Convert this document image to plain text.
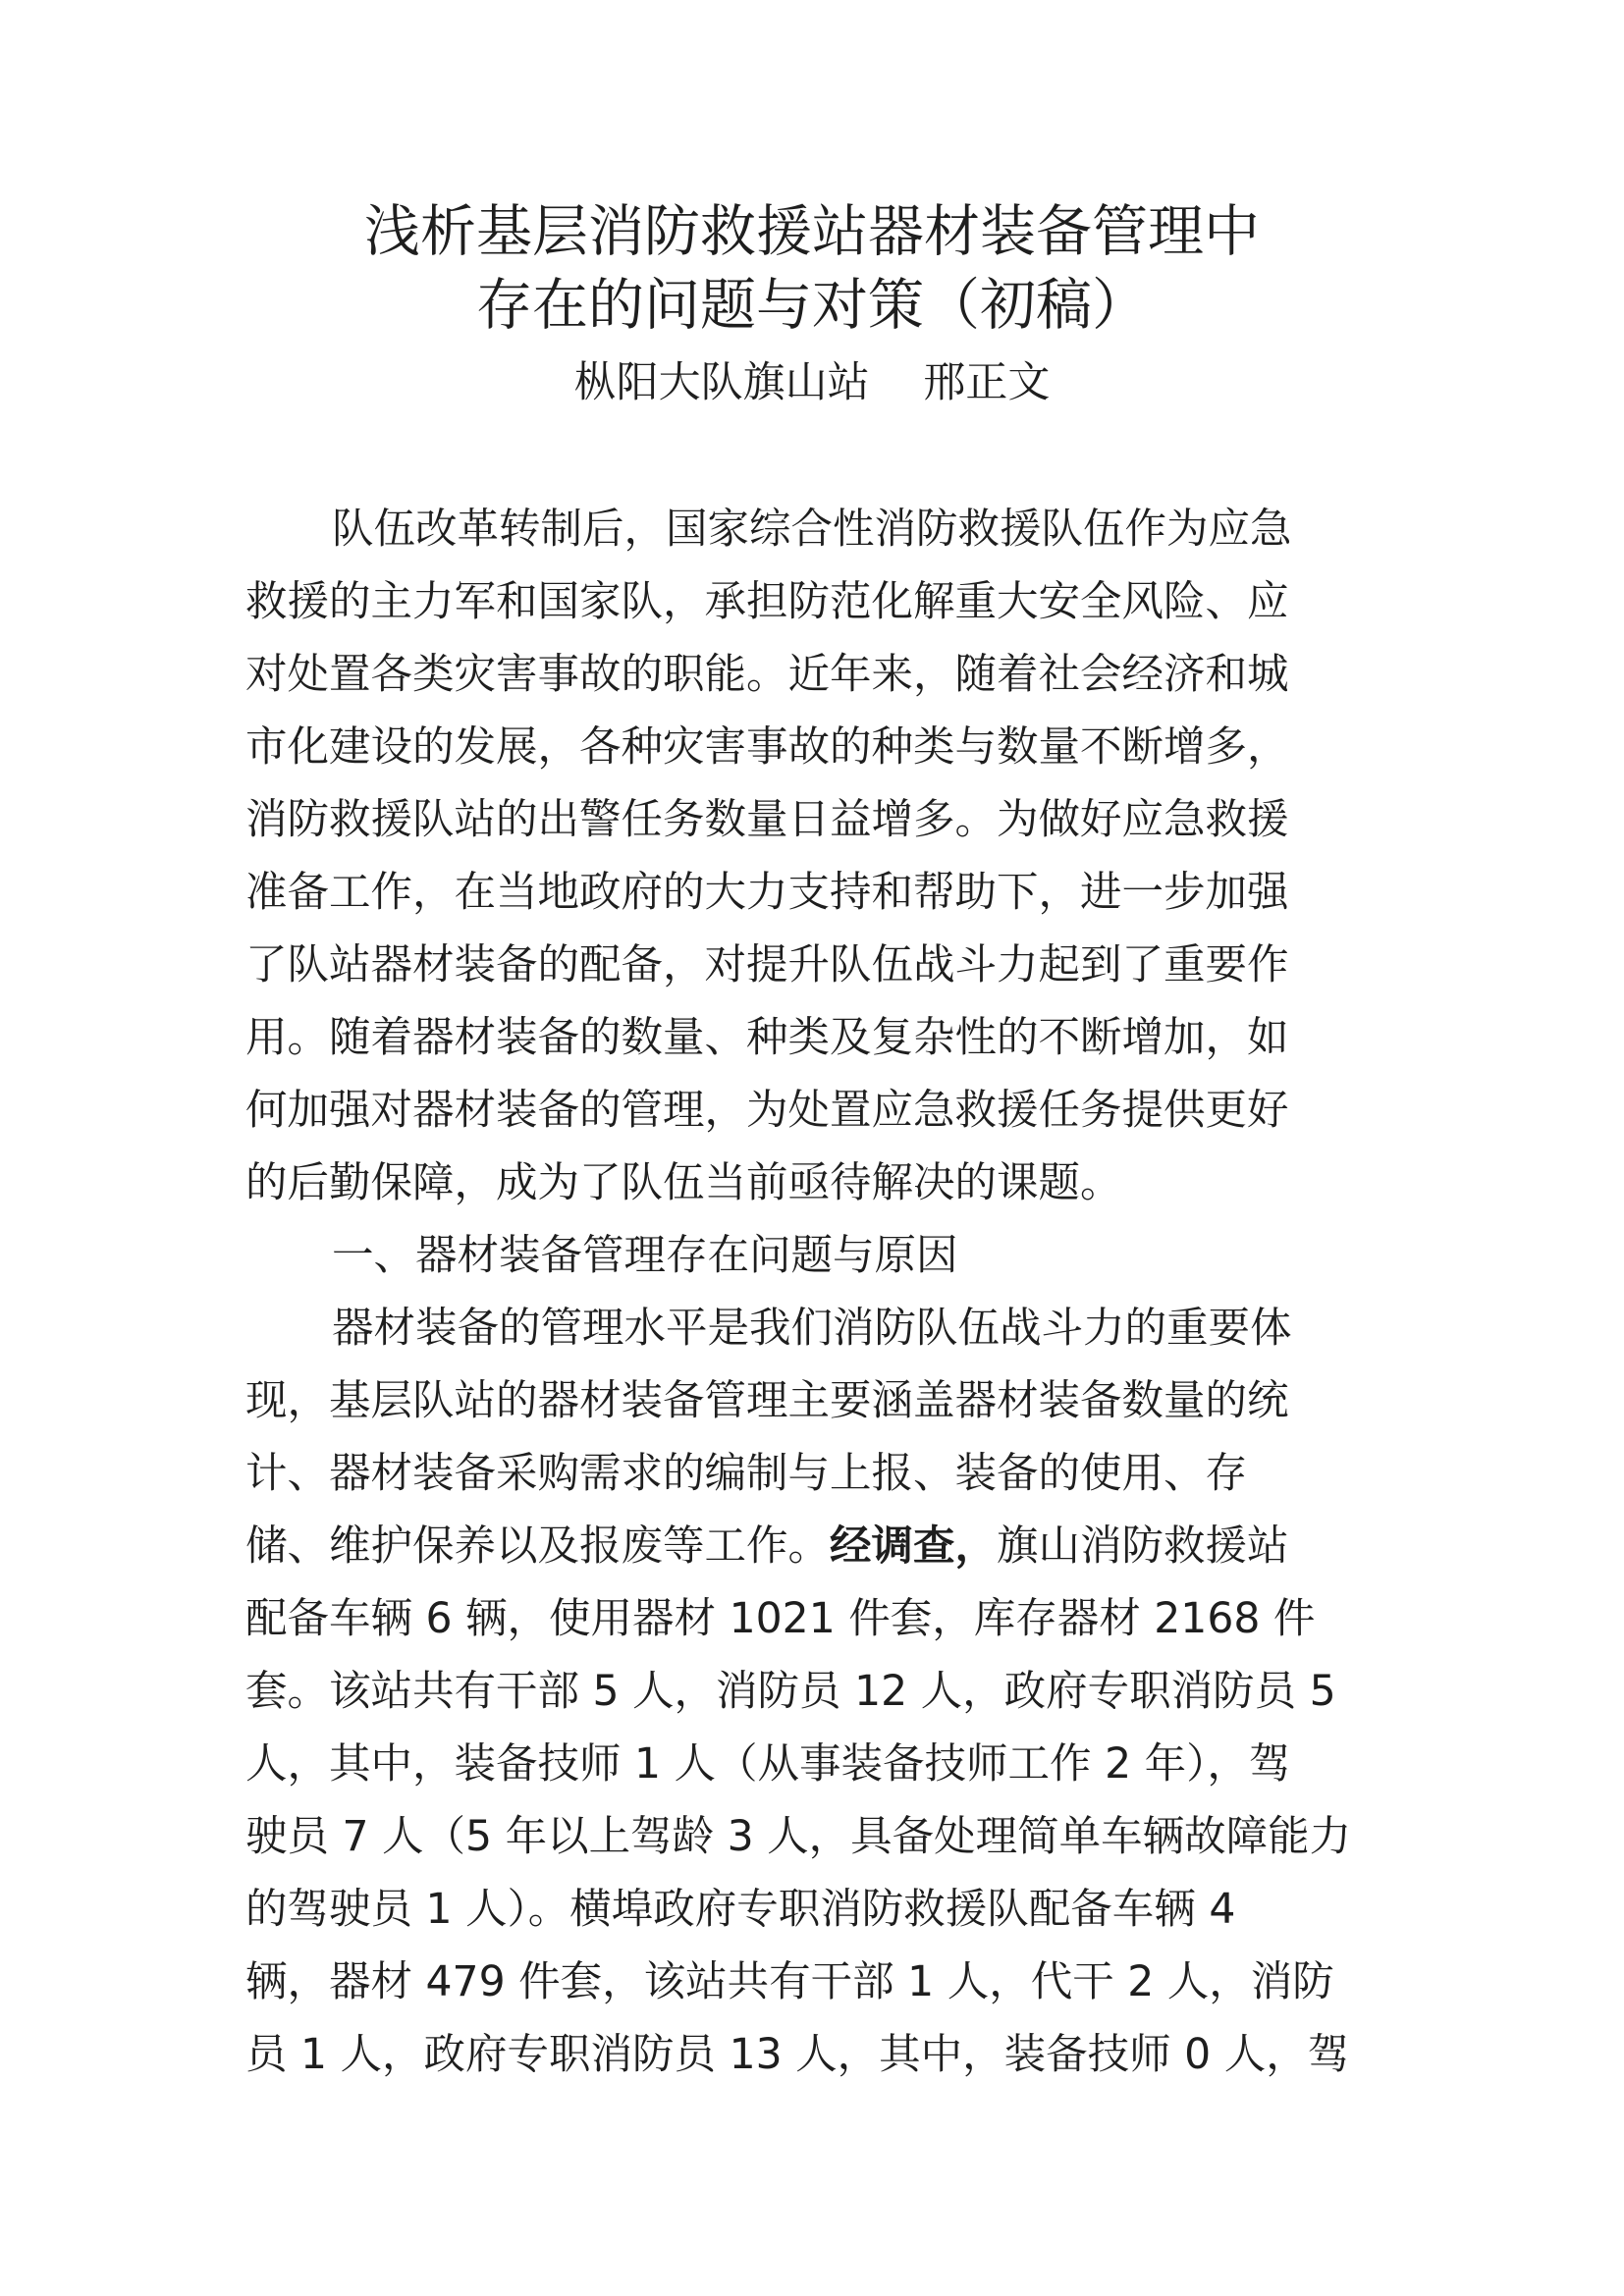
浅析基层消防救援站器材装备管理中
存在的问题与对策（初稿）
枞阳大队旗山站    邢正文
队伍改革转制后，国家综合性消防救援队伍作为应急
救援的主力军和国家队，承担防范化解重大安全风险、应
对处置各类灾害事故的职能。近年来，随着社会经济和城
市化建设的发展，各种灾害事故的种类与数量不断增多，
消防救援队站的出警任务数量日益增多。为做好应急救援
准备工作，在当地政府的大力支持和帮助下，进一步加强
了队站器材装备的配备，对提升队伍战斗力起到了重要作
用。随着器材装备的数量、种类及复杂性的不断增加，如
何加强对器材装备的管理，为处置应急救援任务提供更好
的后勤保障，成为了队伍当前亟待解决的课题。
一、器材装备管理存在问题与原因
器材装备的管理水平是我们消防队伍战斗力的重要体
现，基层队站的器材装备管理主要涵盖器材装备数量的统
计、器材装备采购需求的编制与上报、装备的使用、存
储、维护保养以及报废等工作。经调查，旗山消防救援站
配备车辆 6 辆，使用器材 1021 件套，库存器材 2168 件
套。该站共有干部 5 人，消防员 12 人，政府专职消防员 5
人，其中，装备技师 1 人（从事装备技师工作 2 年），驾
驶员 7 人（5 年以上驾龄 3 人，具备处理简单车辆故障能力
的驾驶员 1 人）。横埠政府专职消防救援队配备车辆 4
辆，器材 479 件套，该站共有干部 1 人，代干 2 人，消防
员 1 人，政府专职消防员 13 人，其中，装备技师 0 人，驾
